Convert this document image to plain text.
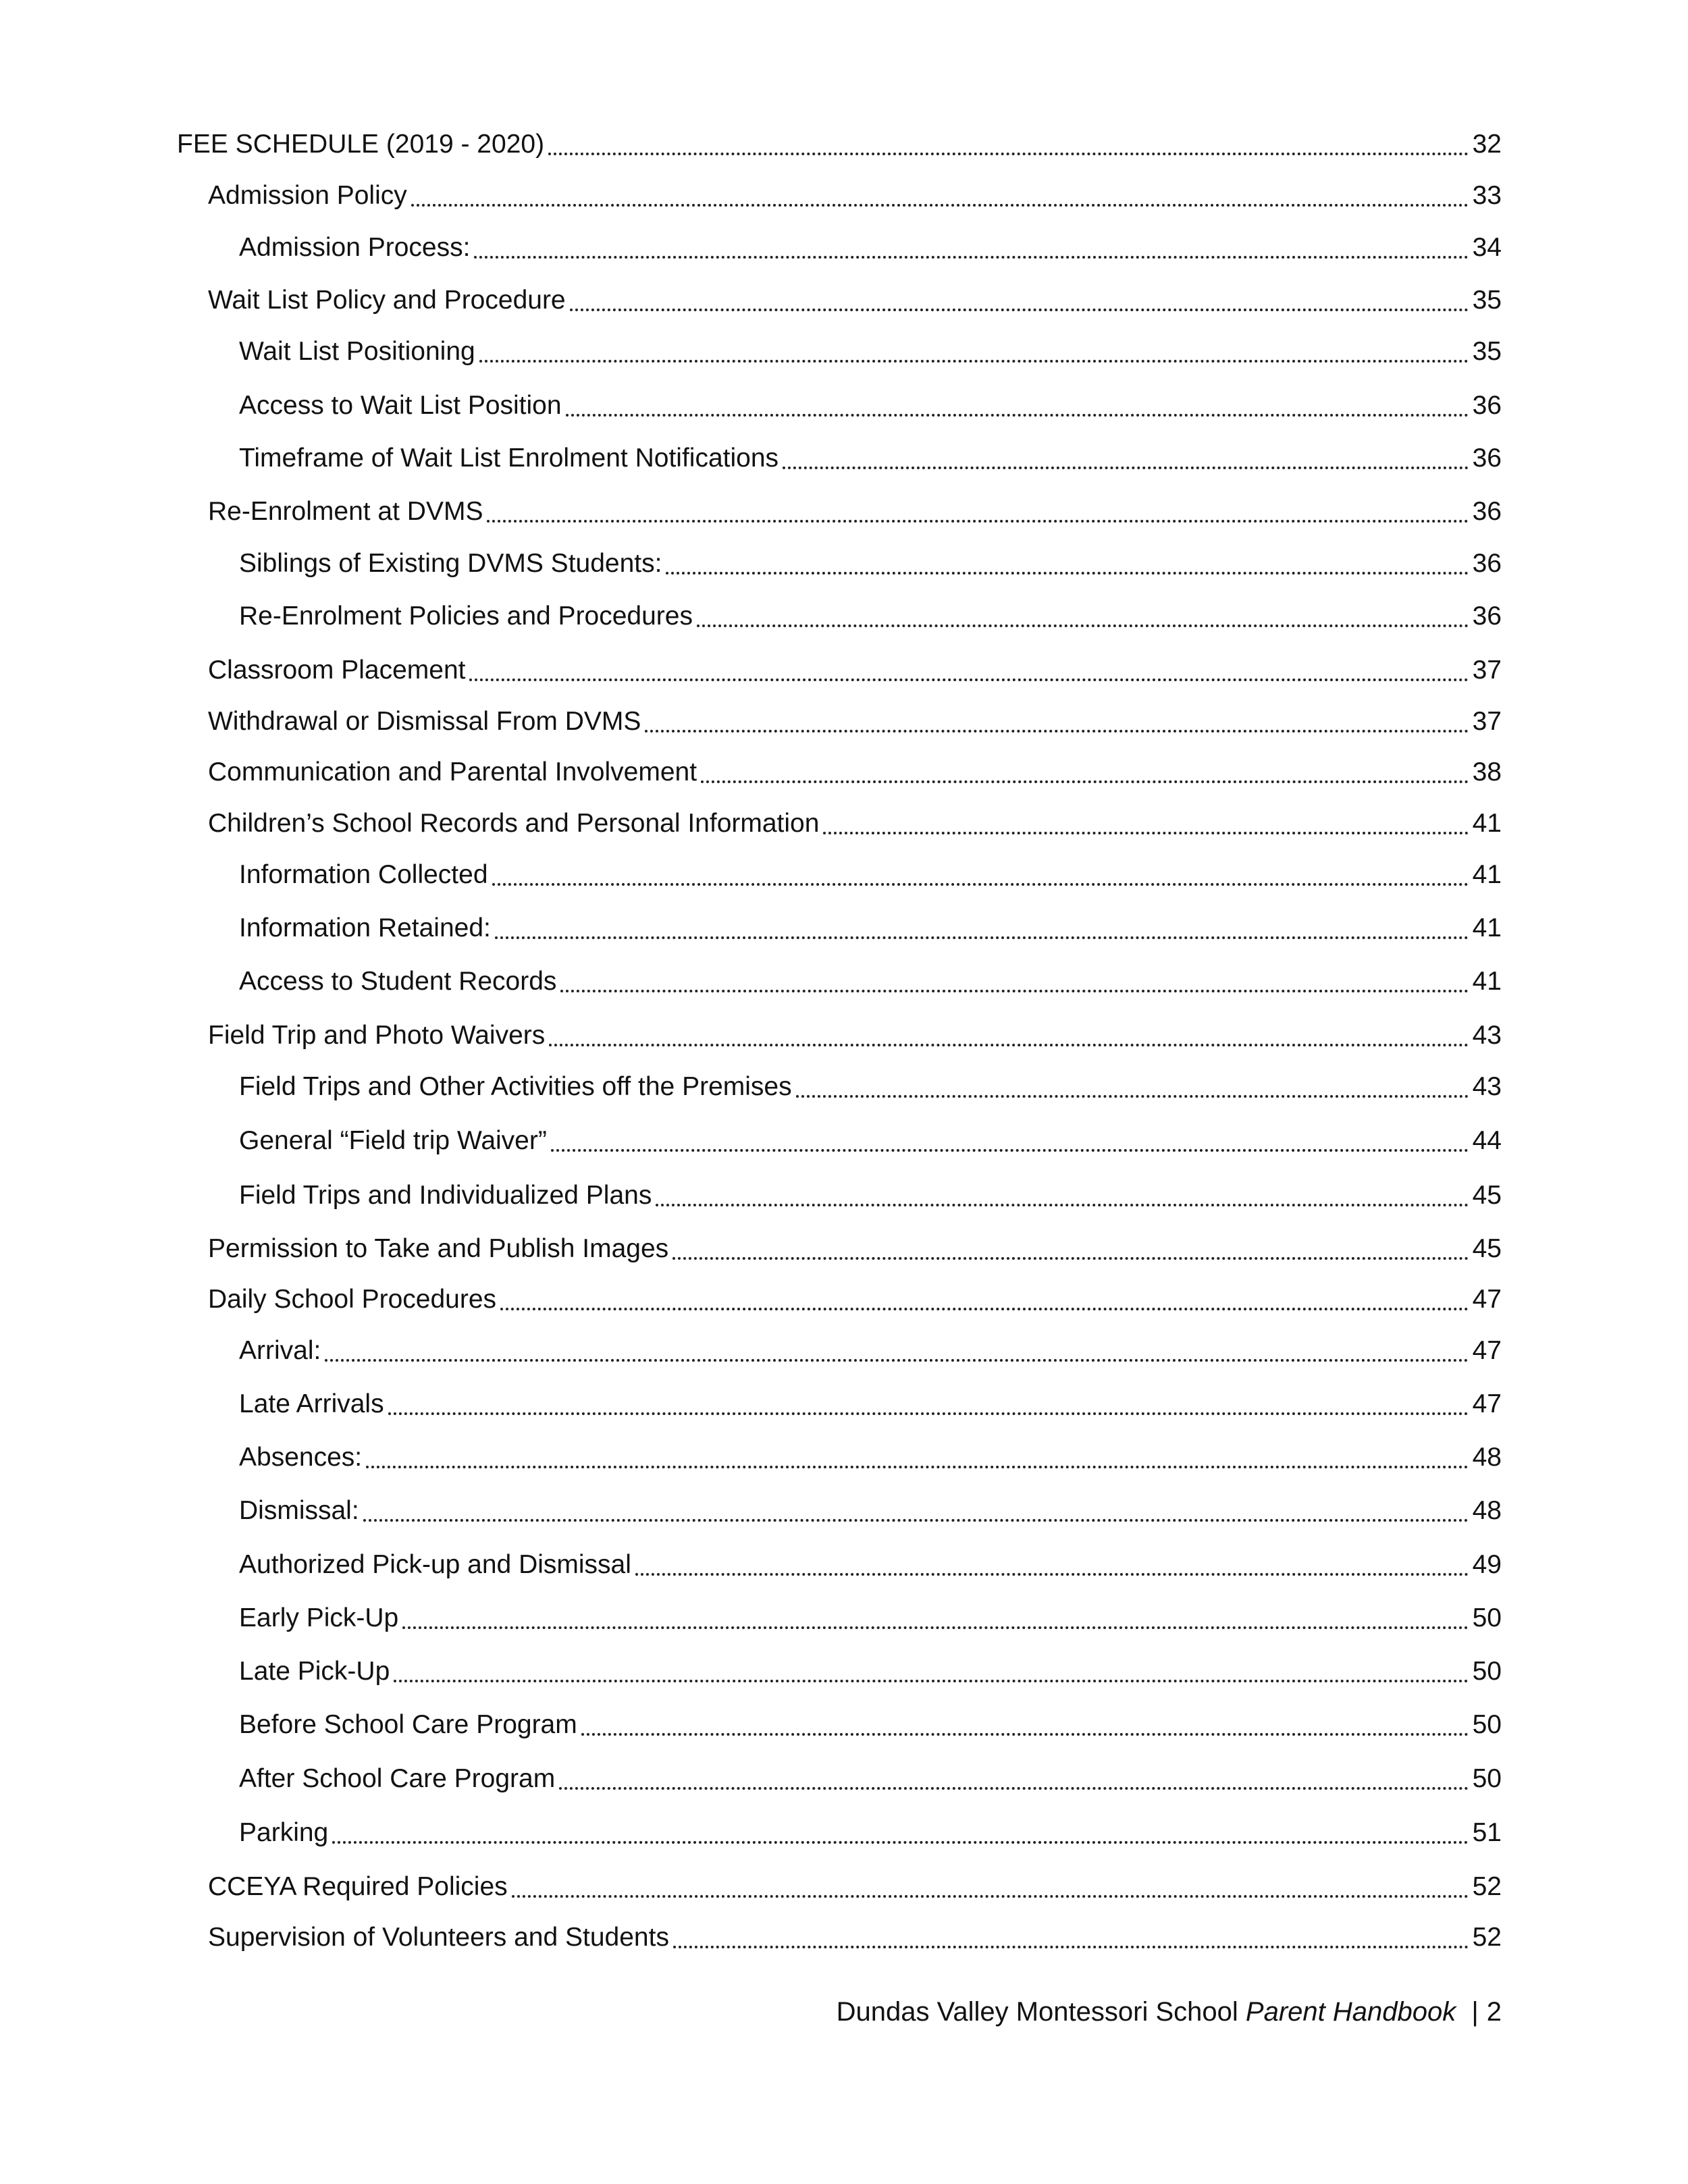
FEE SCHEDULE (2019 - 2020)	32
Admission Policy	33
Admission Process:	34
Wait List Policy and Procedure	35
Wait List Positioning	35
Access to Wait List Position	36
Timeframe of Wait List Enrolment Notifications	36
Re-Enrolment at DVMS	36
Siblings of Existing DVMS Students:	36
Re-Enrolment Policies and Procedures	36
Classroom Placement	37
Withdrawal or Dismissal From DVMS	37
Communication and Parental Involvement	38
Children’s School Records and Personal Information	41
Information Collected	41
Information Retained:	41
Access to Student Records	41
Field Trip and Photo Waivers	43
Field Trips and Other Activities off the Premises	43
General “Field trip Waiver”	44
Field Trips and Individualized Plans	45
Permission to Take and Publish Images	45
Daily School Procedures	47
Arrival:	47
Late Arrivals	47
Absences:	48
Dismissal:	48
Authorized Pick-up and Dismissal	49
Early Pick-Up	50
Late Pick-Up	50
Before School Care Program	50
After School Care Program	50
Parking	51
CCEYA Required Policies	52
Supervision of Volunteers and Students	52
Dundas Valley Montessori School Parent Handbook | 2
